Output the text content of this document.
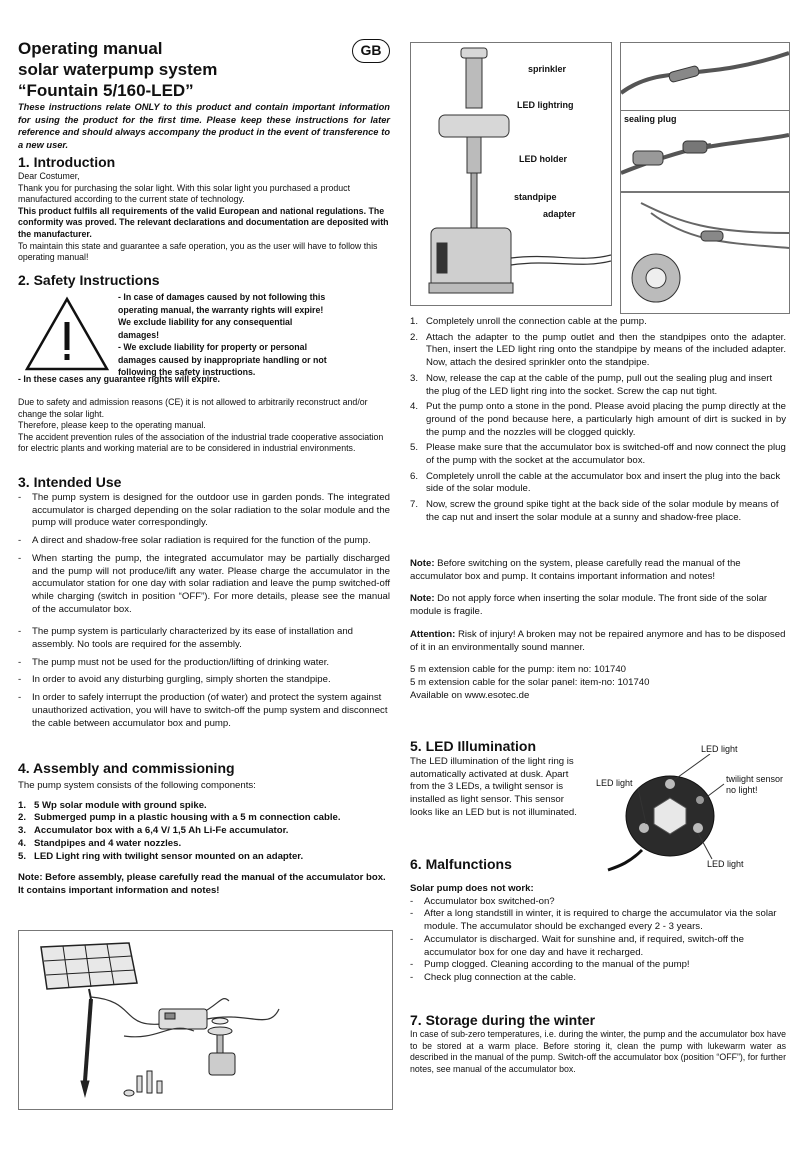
Operating manual
solar waterpump system
“Fountain 5/160-LED”
GB
These instructions relate ONLY to this product and contain important information for using the product for the first time. Please keep these instructions for later reference and should always accompany the product in the event of transference to a new user.
1. Introduction

Dear Costumer,

Thank you for purchasing the solar light. With this solar light you purchased a product manufactured according to the current state of technology.

This product fulfils all requirements of the valid European and national regulations. The conformity was proved. The relevant declarations and documentation are deposited with the manufacturer.

To maintain this state and guarantee a safe operation, you as the user will have to follow this operating manual!

2. Safety Instructions

- In case of damages caused by not following this operating manual, the warranty rights will expire! We exclude liability for any consequential damages!

- We exclude liability for property or personal damages caused by inappropriate handling or not following the safety instructions.

- In these cases any guarantee rights will expire.

Due to safety and admission reasons (CE) it is not allowed to arbitrarily reconstruct and/or change the solar light.

Therefore, please keep to the operating manual.

The accident prevention rules of the association of the industrial trade cooperative association for electric plants and working material are to be considered in industrial environments.

3. Intended Use
- The pump system is designed for the outdoor use in garden ponds. The integrated accumulator is charged depending on the solar radiation to the solar module and the pump will produce water correspondingly.
- A direct and shadow-free solar radiation is required for the function of the pump.
- When starting the pump, the integrated accumulator may be partially discharged and the pump will not produce/lift any water. Please charge the accumulator in the accumulator station for one day with solar radiation and leave the pump switched-off while charging (switch in position “OFF”). For more details, please see the manual of the accumulator box.
- The pump system is particularly characterized by its ease of installation and assembly. No tools are required for the assembly.
- The pump must not be used for the production/lifting of drinking water.
- In order to avoid any disturbing gurgling, simply shorten the standpipe.
- In order to safely interrupt the production (of water) and protect the system against unauthorized activation, you will have to switch-off the pump system and disconnect the cable between accumulator box and pump.
4. Assembly and commissioning

The pump system consists of the following components:

1. 5 Wp solar module with ground spike.
2. Submerged pump in a plastic housing with a 5 m connection cable.
3. Accumulator box with a 6,4 V/ 1,5 Ah Li-Fe accumulator.
4. Standpipes and 4 water nozzles.
5. LED Light ring with twilight sensor mounted on an adapter.

Note: Before assembly, please carefully read the manual of the accumulator box. It contains important information and notes!

sprinkler
LED lightring
LED holder
standpipe
adapter
sealing plug
1. Completely unroll the connection cable at the pump.
2. Attach the adapter to the pump outlet and then the standpipes onto the adapter. Then, insert the LED light ring onto the standpipe by means of the included adapter. Now, attach the desired sprinkler onto the standpipe.
3. Now, release the cap at the cable of the pump, pull out the sealing plug and insert the plug of the LED light ring into the socket. Screw the cap nut tight.
4. Put the pump onto a stone in the pond. Please avoid placing the pump directly at the ground of the pond because here, a particularly high amount of dirt is sucked in by the pump and the nozzles will be clogged quickly.
5. Please make sure that the accumulator box is switched-off and now connect the plug of the pump with the socket at the accumulator box.
6. Completely unroll the cable at the accumulator box and insert the plug into the back side of the solar module.
7. Now, screw the ground spike tight at the back side of the solar module by means of the cap nut and insert the solar module at a sunny and shadow-free place.

Note: Before switching on the system, please carefully read the manual of the accumulator box and pump. It contains important information and notes!

Note: Do not apply force when inserting the solar module. The front side of the solar module is fragile.

Attention: Risk of injury! A broken may not be repaired anymore and has to be disposed of it in an environmentally sound manner.

5 m extension cable for the pump: item no: 101740

5 m extension cable for the solar panel: item-no: 101740

Available on www.esotec.de

5. LED Illumination

The LED illumination of the light ring is automatically activated at dusk. Apart from the 3 LEDs, a twilight sensor is installed as light sensor. This sensor looks like an LED but is not illuminated.

LED light
LED light	twilight sensor no light!
LED light
6. Malfunctions

Solar pump does not work:

- Accumulator box switched-on?
- After a long standstill in winter, it is required to charge the accumulator via the solar module. The accumulator should be exchanged every 2 - 3 years.
- Accumulator is discharged. Wait for sunshine and, if required, switch-off the accumulator box for one day and have it recharged.
- Pump clogged. Cleaning according to the manual of the pump!
- Check plug connection at the cable.
7. Storage during the winter

In case of sub-zero temperatures, i.e. during the winter, the pump and the accumulator box have to be stored at a warm place. Before storing it, clean the pump with lukewarm water as described in the manual of the pump. Switch-off the accumulator box (position “OFF”), for further notes, see manual of the accumulator box.
